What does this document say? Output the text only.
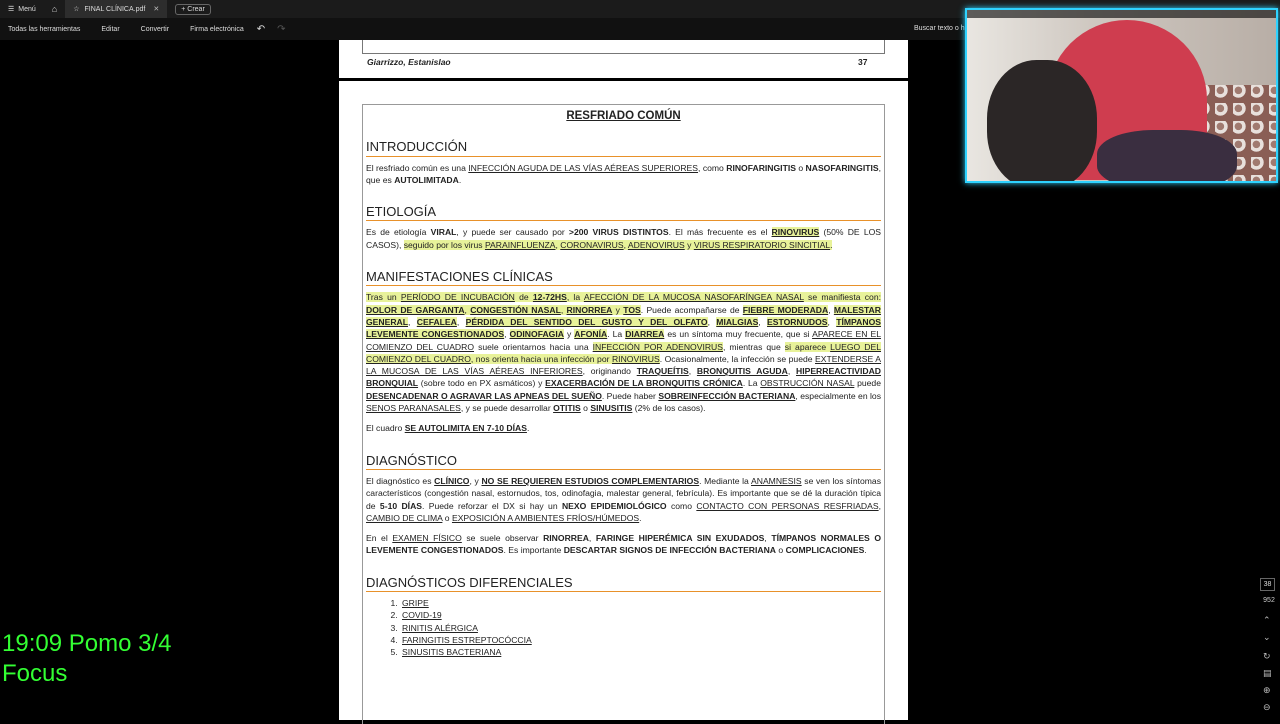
☰ Menú	⌂	☆ FINAL CLÍNICA.pdf ✕	+ Crear
Todas las herramientas	Editar	Convertir	Firma electrónica ↶ ↷	Buscar texto o h
Giarrizzo, Estanislao	37
RESFRIADO COMÚN
INTRODUCCIÓN
El resfriado común es una INFECCIÓN AGUDA DE LAS VÍAS AÉREAS SUPERIORES, como RINOFARINGITIS o NASOFARINGITIS, que es AUTOLIMITADA.
ETIOLOGÍA
Es de etiología VIRAL, y puede ser causado por >200 VIRUS DISTINTOS. El más frecuente es el RINOVIRUS (50% DE LOS CASOS), seguido por los virus PARAINFLUENZA, CORONAVIRUS, ADENOVIRUS y VIRUS RESPIRATORIO SINCITIAL.
MANIFESTACIONES CLÍNICAS
Tras un PERÍODO DE INCUBACIÓN de 12-72HS, la AFECCIÓN DE LA MUCOSA NASOFARÍNGEA NASAL se manifiesta con: DOLOR DE GARGANTA, CONGESTIÓN NASAL, RINORREA y TOS. Puede acompañarse de FIEBRE MODERADA, MALESTAR GENERAL, CEFALEA, PÉRDIDA DEL SENTIDO DEL GUSTO Y DEL OLFATO, MIALGIAS, ESTORNUDOS, TÍMPANOS LEVEMENTE CONGESTIONADOS, ODINOFAGIA y AFONÍA. La DIARREA es un síntoma muy frecuente, que si APARECE EN EL COMIENZO DEL CUADRO suele orientarnos hacia una INFECCIÓN POR ADENOVIRUS, mientras que si aparece LUEGO DEL COMIENZO DEL CUADRO, nos orienta hacia una infección por RINOVIRUS. Ocasionalmente, la infección se puede EXTENDERSE A LA MUCOSA DE LAS VÍAS AÉREAS INFERIORES, originando TRAQUEÍTIS, BRONQUITIS AGUDA, HIPERREACTIVIDAD BRONQUIAL (sobre todo en PX asmáticos) y EXACERBACIÓN DE LA BRONQUITIS CRÓNICA. La OBSTRUCCIÓN NASAL puede DESENCADENAR O AGRAVAR LAS APNEAS DEL SUEÑO. Puede haber SOBREINFECCIÓN BACTERIANA, especialmente en los SENOS PARANASALES, y se puede desarrollar OTITIS o SINUSITIS (2% de los casos).
El cuadro SE AUTOLIMITA EN 7-10 DÍAS.
DIAGNÓSTICO
El diagnóstico es CLÍNICO, y NO SE REQUIEREN ESTUDIOS COMPLEMENTARIOS. Mediante la ANAMNESIS se ven los síntomas característicos (congestión nasal, estornudos, tos, odinofagia, malestar general, febrícula). Es importante que se dé la duración típica de 5-10 DÍAS. Puede reforzar el DX si hay un NEXO EPIDEMIOLÓGICO como CONTACTO CON PERSONAS RESFRIADAS, CAMBIO DE CLIMA o EXPOSICIÓN A AMBIENTES FRÍOS/HÚMEDOS.
En el EXAMEN FÍSICO se suele observar RINORREA, FARINGE HIPERÉMICA SIN EXUDADOS, TÍMPANOS NORMALES O LEVEMENTE CONGESTIONADOS. Es importante DESCARTAR SIGNOS DE INFECCIÓN BACTERIANA o COMPLICACIONES.
DIAGNÓSTICOS DIFERENCIALES
1. GRIPE
2. COVID-19
3. RINITIS ALÉRGICA
4. FARINGITIS ESTREPTOCÓCCIA
5. SINUSITIS BACTERIANA
19:09 Pomo 3/4
Focus
38
952
⌃
⌄
↻
▤
⊕
⊖
